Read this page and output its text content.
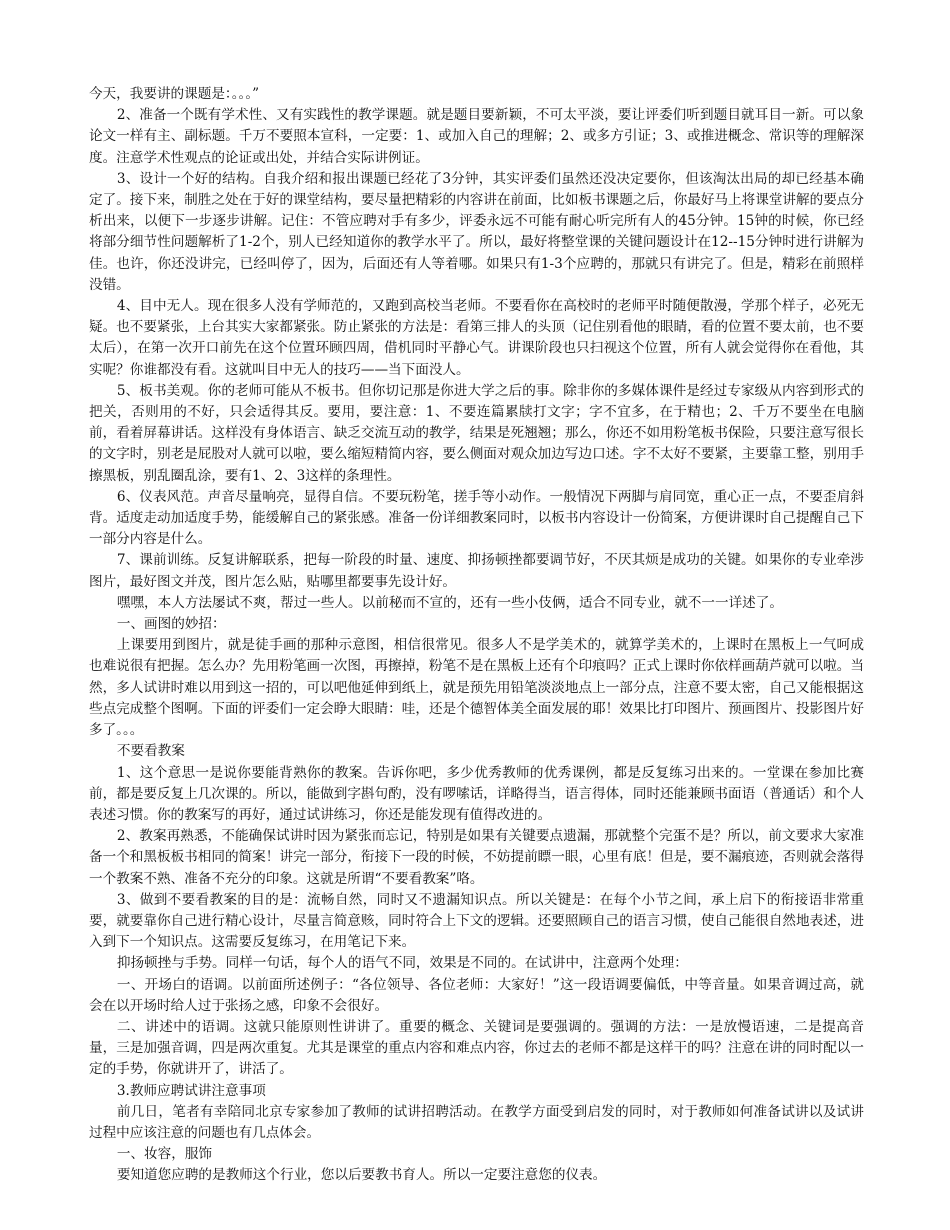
今天，我要讲的课题是：。。。”

2、准备一个既有学术性、又有实践性的教学课题。就是题目要新颖，不可太平淡，要让评委们听到题目就耳目一新。可以象论文一样有主、副标题。千万不要照本宣科，一定要：1、或加入自己的理解；2、或多方引证；3、或推进概念、常识等的理解深度。注意学术性观点的论证或出处，并结合实际讲例证。

3、设计一个好的结构。自我介绍和报出课题已经花了3分钟，其实评委们虽然还没决定要你，但该淘汰出局的却已经基本确定了。接下来，制胜之处在于好的课堂结构，要尽量把精彩的内容讲在前面，比如板书课题之后，你最好马上将课堂讲解的要点分析出来，以便下一步逐步讲解。记住：不管应聘对手有多少，评委永远不可能有耐心听完所有人的45分钟。15钟的时候，你已经将部分细节性问题解析了1-2个，别人已经知道你的教学水平了。所以，最好将整堂课的关键问题设计在12--15分钟时进行讲解为佳。也许，你还没讲完，已经叫停了，因为，后面还有人等着哪。如果只有1-3个应聘的，那就只有讲完了。但是，精彩在前照样没错。

4、目中无人。现在很多人没有学师范的，又跑到高校当老师。不要看你在高校时的老师平时随便散漫，学那个样子，必死无疑。也不要紧张，上台其实大家都紧张。防止紧张的方法是：看第三排人的头顶（记住别看他的眼睛，看的位置不要太前，也不要太后），在第一次开口前先在这个位置环顾四周，借机同时平静心气。讲课阶段也只扫视这个位置，所有人就会觉得你在看他，其实呢？你谁都没有看。这就叫目中无人的技巧——当下面没人。

5、板书美观。你的老师可能从不板书。但你切记那是你进大学之后的事。除非你的多媒体课件是经过专家级从内容到形式的把关，否则用的不好，只会适得其反。要用，要注意：1、不要连篇累牍打文字；字不宜多，在于精也；2、千万不要坐在电脑前，看着屏幕讲话。这样没有身体语言、缺乏交流互动的教学，结果是死翘翘；那么，你还不如用粉笔板书保险，只要注意写很长的文字时，别老是屁股对人就可以啦，要么缩短精简内容，要么侧面对观众加边写边口述。字不太好不要紧，主要靠工整，别用手擦黑板，别乱圈乱涂，要有1、2、3这样的条理性。

6、仪表风范。声音尽量响亮，显得自信。不要玩粉笔，搓手等小动作。一般情况下两脚与肩同宽，重心正一点，不要歪肩斜背。适度走动加适度手势，能缓解自己的紧张感。准备一份详细教案同时，以板书内容设计一份简案，方便讲课时自己提醒自己下一部分内容是什么。

7、课前训练。反复讲解联系，把每一阶段的时量、速度、抑扬顿挫都要调节好，不厌其烦是成功的关键。如果你的专业牵涉图片，最好图文并茂，图片怎么贴，贴哪里都要事先设计好。

嘿嘿，本人方法屡试不爽，帮过一些人。以前秘而不宣的，还有一些小伎俩，适合不同专业，就不一一详述了。

一、画图的妙招：

上课要用到图片，就是徒手画的那种示意图，相信很常见。很多人不是学美术的，就算学美术的，上课时在黑板上一气呵成也难说很有把握。怎么办？先用粉笔画一次图，再擦掉，粉笔不是在黑板上还有个印痕吗？正式上课时你依样画葫芦就可以啦。当然，多人试讲时难以用到这一招的，可以吧他延伸到纸上，就是预先用铅笔淡淡地点上一部分点，注意不要太密，自己又能根据这些点完成整个图啊。下面的评委们一定会睁大眼睛：哇，还是个德智体美全面发展的耶！效果比打印图片、预画图片、投影图片好多了。。。

不要看教案

1、这个意思一是说你要能背熟你的教案。告诉你吧，多少优秀教师的优秀课例，都是反复练习出来的。一堂课在参加比赛前，都是要反复上几次课的。所以，能做到字斟句酌，没有啰嗦话，详略得当，语言得体，同时还能兼顾书面语（普通话）和个人表述习惯。你的教案写的再好，通过试讲练习，你还是能发现有值得改进的。

2、教案再熟悉，不能确保试讲时因为紧张而忘记，特别是如果有关键要点遗漏，那就整个完蛋不是？所以，前文要求大家准备一个和黑板板书相同的简案！讲完一部分，衔接下一段的时候，不妨提前瞟一眼，心里有底！但是，要不漏痕迹，否则就会落得一个教案不熟、准备不充分的印象。这就是所谓“不要看教案”咯。

3、做到不要看教案的目的是：流畅自然，同时又不遗漏知识点。所以关键是：在每个小节之间，承上启下的衔接语非常重要，就要靠你自己进行精心设计，尽量言简意赅，同时符合上下文的逻辑。还要照顾自己的语言习惯，使自己能很自然地表述，进入到下一个知识点。这需要反复练习，在用笔记下来。

抑扬顿挫与手势。同样一句话，每个人的语气不同，效果是不同的。在试讲中，注意两个处理：

一、开场白的语调。以前面所述例子：“各位领导、各位老师：大家好！”这一段语调要偏低，中等音量。如果音调过高，就会在以开场时给人过于张扬之感，印象不会很好。

二、讲述中的语调。这就只能原则性讲讲了。重要的概念、关键词是要强调的。强调的方法：一是放慢语速，二是提高音量，三是加强音调，四是两次重复。尤其是课堂的重点内容和难点内容，你过去的老师不都是这样干的吗？注意在讲的同时配以一定的手势，你就讲开了，讲活了。

3.教师应聘试讲注意事项

前几日，笔者有幸陪同北京专家参加了教师的试讲招聘活动。在教学方面受到启发的同时，对于教师如何准备试讲以及试讲过程中应该注意的问题也有几点体会。

一、妆容，服饰

要知道您应聘的是教师这个行业，您以后要教书育人。所以一定要注意您的仪表。
